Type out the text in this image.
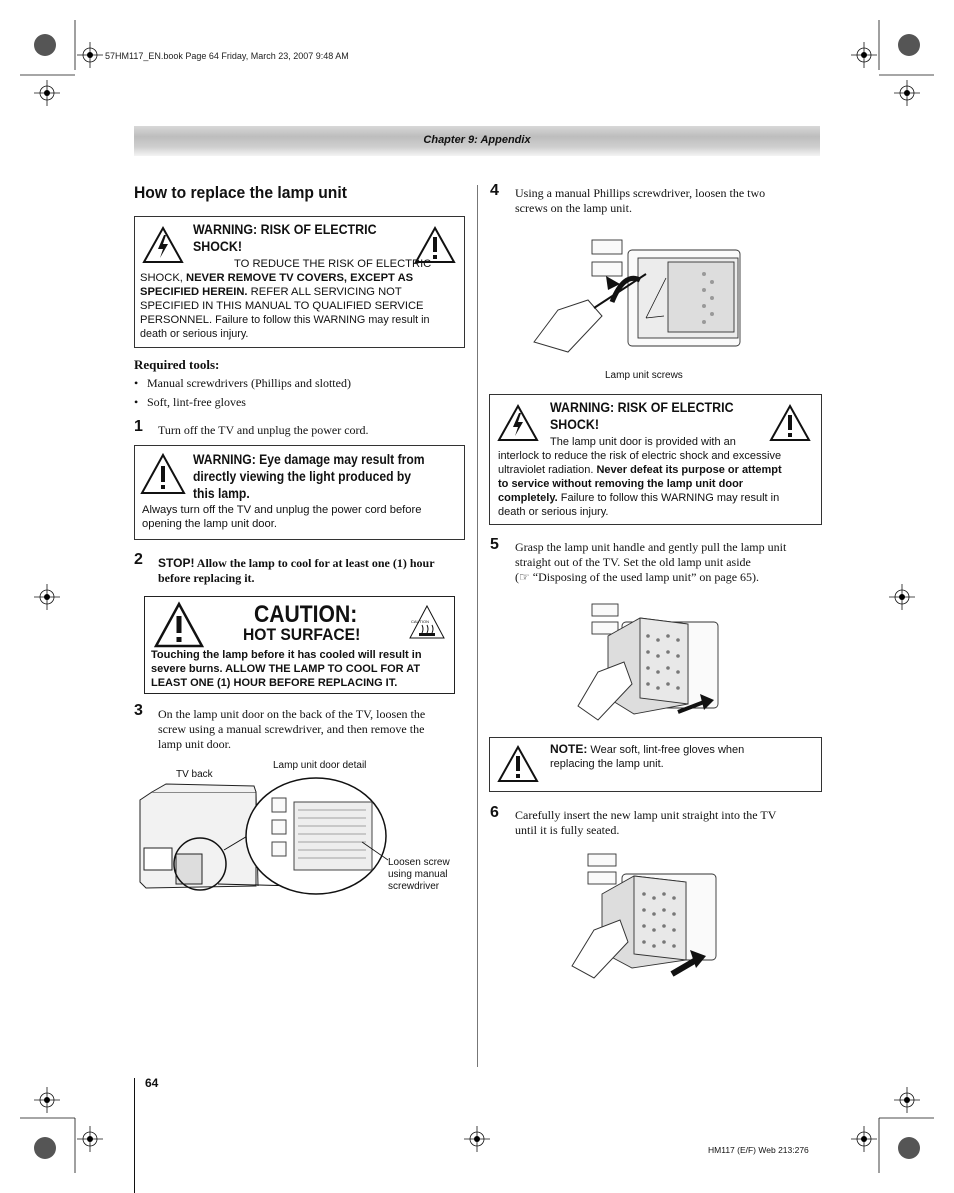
57HM117_EN.book Page 64 Friday, March 23, 2007 9:48 AM
Chapter 9: Appendix
How to replace the lamp unit
WARNING: RISK OF ELECTRIC SHOCK!
TO REDUCE THE RISK OF ELECTRIC
SHOCK, NEVER REMOVE TV COVERS, EXCEPT AS
SPECIFIED HEREIN. REFER ALL SERVICING NOT
SPECIFIED IN THIS MANUAL TO QUALIFIED SERVICE
PERSONNEL. Failure to follow this WARNING may result in
death or serious injury.
Required tools:
• Manual screwdrivers (Phillips and slotted)
• Soft, lint-free gloves
1 Turn off the TV and unplug the power cord.
WARNING: Eye damage may result from
directly viewing the light produced by
this lamp.
Always turn off the TV and unplug the power cord before
opening the lamp unit door.
2 STOP! Allow the lamp to cool for at least one (1) hour
before replacing it.
CAUTION:
HOT SURFACE!
CAUTION
Touching the lamp before it has cooled will result in
severe burns. ALLOW THE LAMP TO COOL FOR AT
LEAST ONE (1) HOUR BEFORE REPLACING IT.
3 On the lamp unit door on the back of the TV, loosen the
screw using a manual screwdriver, and then remove the
lamp unit door.
TV back
Lamp unit door detail
Loosen screw
using manual
screwdriver
4 Using a manual Phillips screwdriver, loosen the two
screws on the lamp unit.
Lamp unit screws
WARNING: RISK OF ELECTRIC
SHOCK!
The lamp unit door is provided with an
interlock to reduce the risk of electric shock and excessive
ultraviolet radiation. Never defeat its purpose or attempt
to service without removing the lamp unit door
completely. Failure to follow this WARNING may result in
death or serious injury.
5 Grasp the lamp unit handle and gently pull the lamp unit
straight out of the TV. Set the old lamp unit aside
(☞ “Disposing of the used lamp unit” on page 65).
NOTE: Wear soft, lint-free gloves when
replacing the lamp unit.
6 Carefully insert the new lamp unit straight into the TV
until it is fully seated.
64
HM117 (E/F) Web 213:276
